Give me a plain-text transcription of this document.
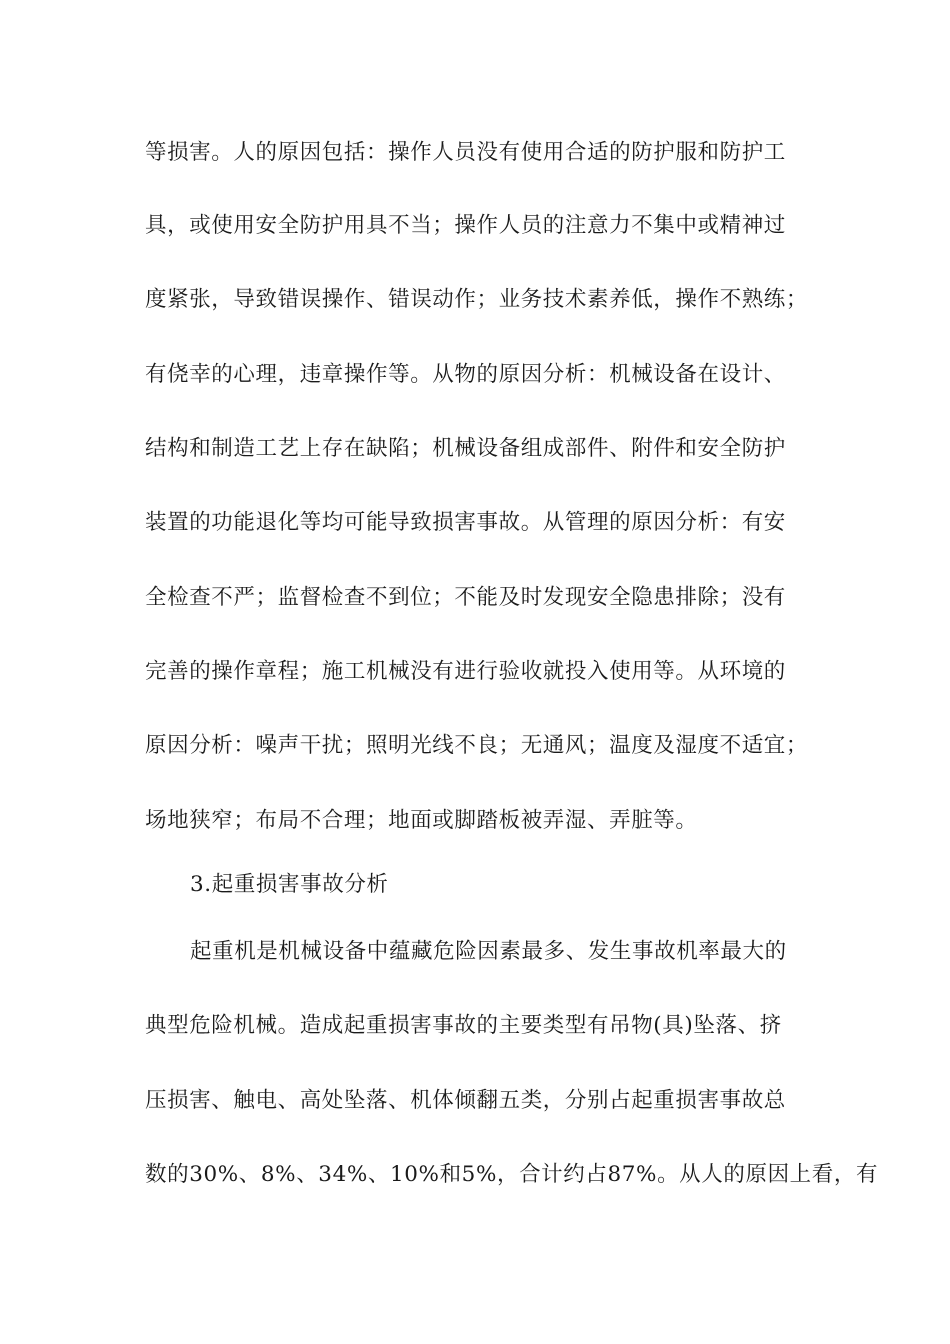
等损害。人的原因包括：操作人员没有使用合适的防护服和防护工
具，或使用安全防护用具不当；操作人员的注意力不集中或精神过
度紧张，导致错误操作、错误动作；业务技术素养低，操作不熟练；
有侥幸的心理，违章操作等。从物的原因分析：机械设备在设计、
结构和制造工艺上存在缺陷；机械设备组成部件、附件和安全防护
装置的功能退化等均可能导致损害事故。从管理的原因分析：有安
全检查不严；监督检查不到位；不能及时发现安全隐患排除；没有
完善的操作章程；施工机械没有进行验收就投入使用等。从环境的
原因分析：噪声干扰；照明光线不良；无通风；温度及湿度不适宜；
场地狭窄；布局不合理；地面或脚踏板被弄湿、弄脏等。
3.起重损害事故分析
起重机是机械设备中蕴藏危险因素最多、发生事故机率最大的
典型危险机械。造成起重损害事故的主要类型有吊物(具)坠落、挤
压损害、触电、高处坠落、机体倾翻五类，分别占起重损害事故总
数的30%、8%、34%、10%和5%，合计约占87%。从人的原因上看，有
